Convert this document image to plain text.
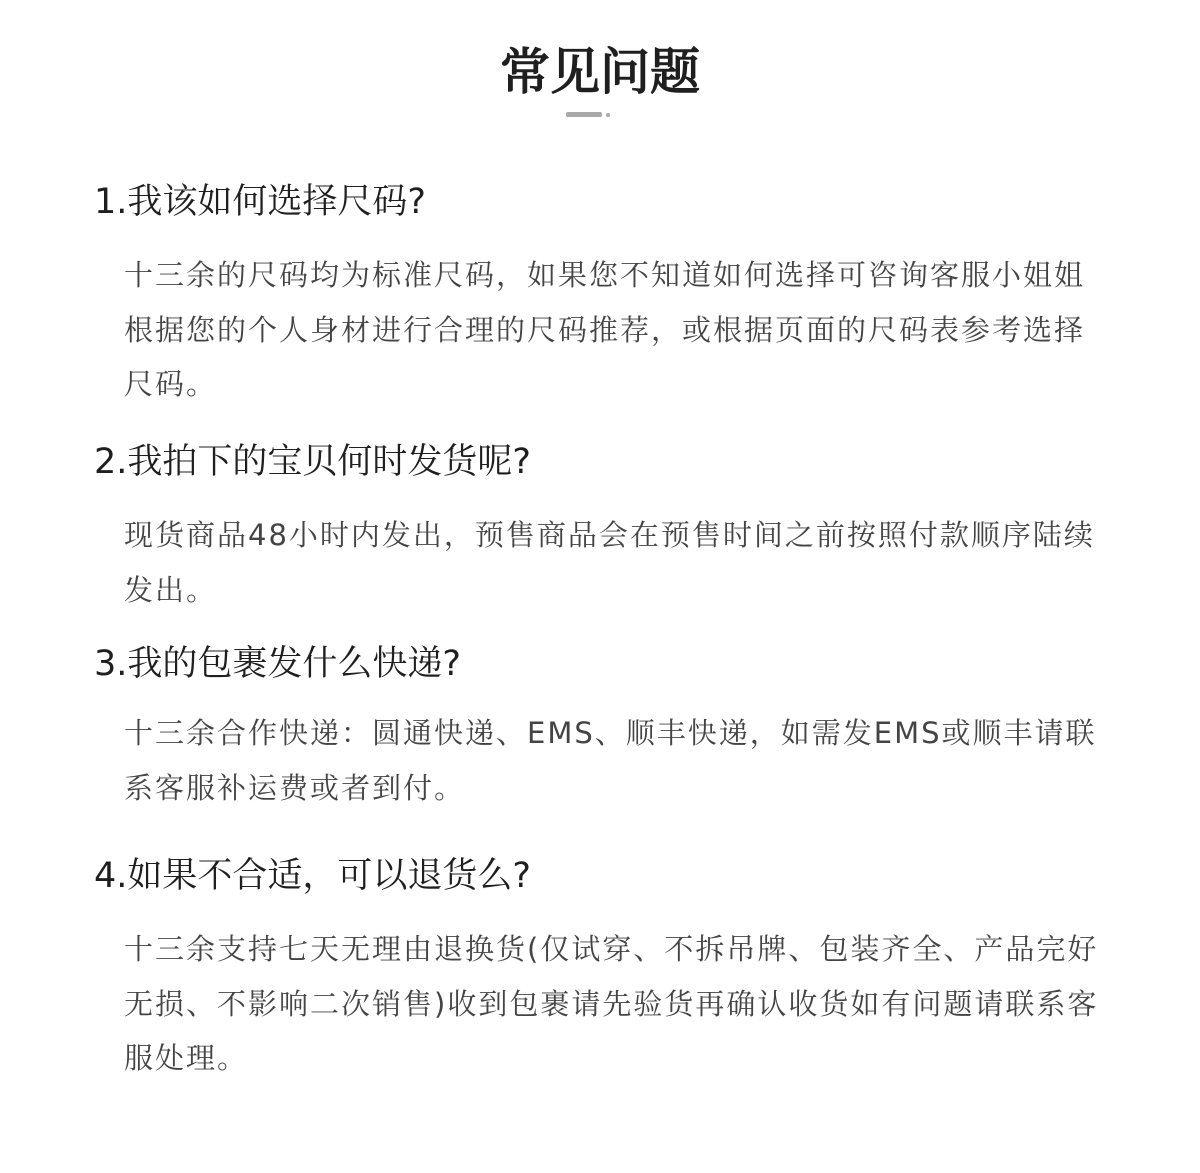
常见问题
1.我该如何选择尺码?

十三余的尺码均为标准尺码，如果您不知道如何选择可咨询客服小姐姐根据您的个人身材进行合理的尺码推荐，或根据页面的尺码表参考选择尺码。

2.我拍下的宝贝何时发货呢?

现货商品48小时内发出，预售商品会在预售时间之前按照付款顺序陆续发出。

3.我的包裹发什么快递?

十三余合作快递：圆通快递、EMS、顺丰快递，如需发EMS或顺丰请联系客服补运费或者到付。

4.如果不合适，可以退货么?

十三余支持七天无理由退换货(仅试穿、不拆吊牌、包装齐全、产品完好无损、不影响二次销售)收到包裹请先验货再确认收货如有问题请联系客服处理。
